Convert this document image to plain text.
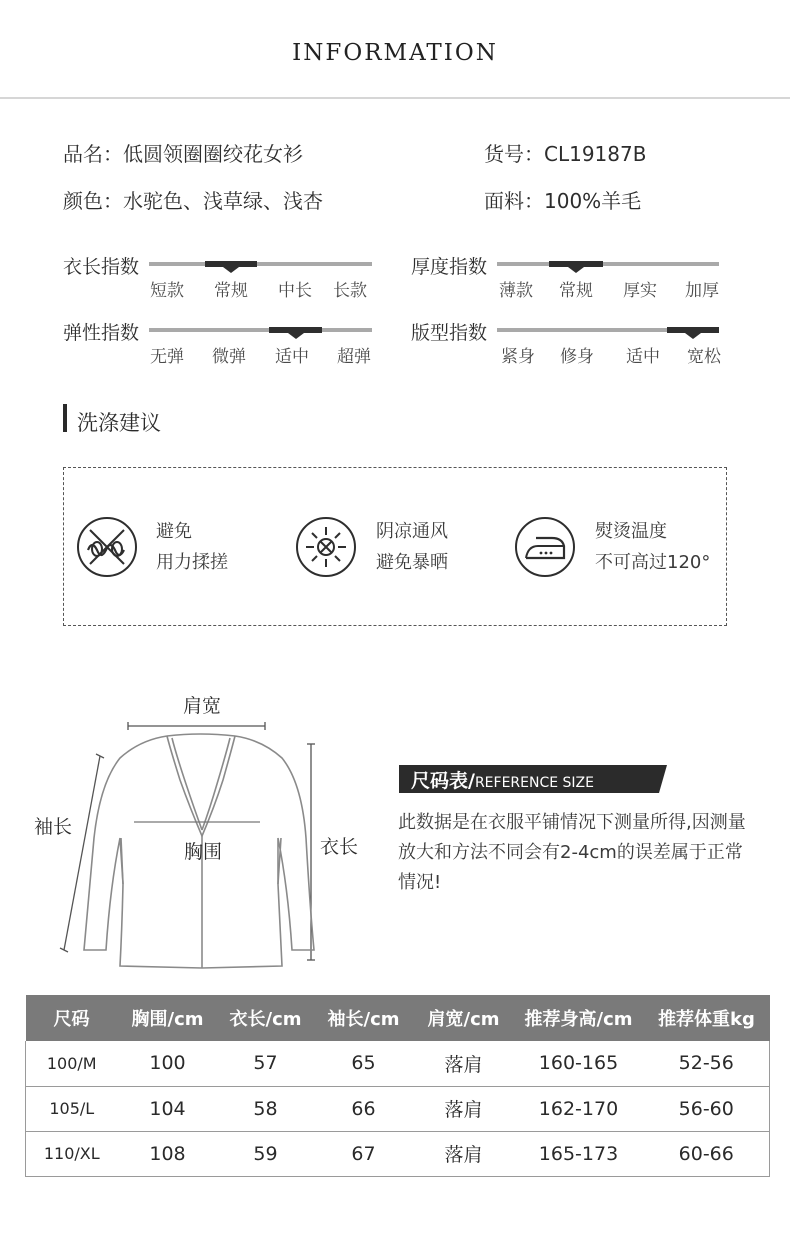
INFORMATION
品名：低圆领圈圈绞花女衫	货号：CL19187B
颜色：水驼色、浅草绿、浅杏	面料：100%羊毛
衣长指数
短款 常规 中长 长款
厚度指数
薄款 常规 厚实 加厚
弹性指数
无弹 微弹 适中 超弹
版型指数
紧身 修身 适中 宽松
洗涤建议
避免
用力揉搓
阴凉通风
避免暴晒
熨烫温度
不可高过120°
肩宽
袖长
胸围	衣长
尺码表/REFERENCE SIZE
此数据是在衣服平铺情况下测量所得,因测量放大和方法不同会有2-4cm的误差属于正常情况!
尺码	胸围/cm	衣长/cm	袖长/cm	肩宽/cm	推荐身高/cm	推荐体重kg
100/M	100	57	65	落肩	160-165	52-56
105/L	104	58	66	落肩	162-170	56-60
110/XL	108	59	67	落肩	165-173	60-66
